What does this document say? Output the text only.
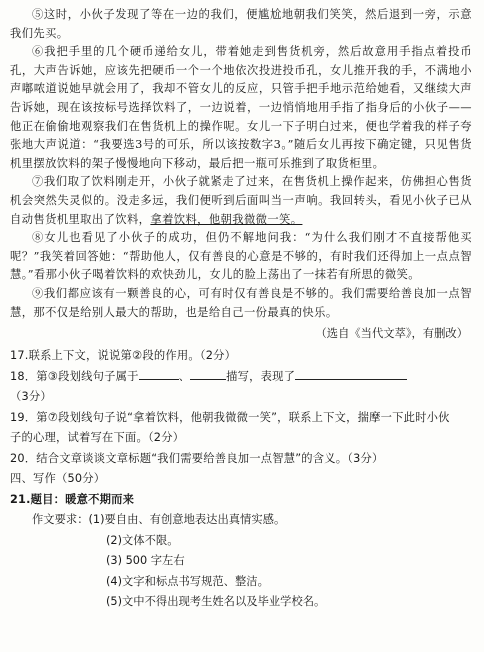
⑤这时，小伙子发现了等在一边的我们，便尴尬地朝我们笑笑，然后退到一旁，示意我们先买。

⑥我把手里的几个硬币递给女儿，带着她走到售货机旁，然后故意用手指点着投币孔，大声告诉她，应该先把硬币一个一个地依次投进投币孔，女儿推开我的手，不满地小声嘟哝道说她早就会用了，我却不管女儿的反应，只管手把手地示范给她看，又继续大声告诉她，现在该按标号选择饮料了，一边说着，一边悄悄地用手指了指身后的小伙子——他正在偷偷地观察我们在售货机上的操作呢。女儿一下子明白过来，便也学着我的样子夸张地大声说道：“我要选3号的可乐，所以该按数字3。”随后女儿再按下确定键，只见售货机里摆放饮料的架子慢慢地向下移动，最后把一瓶可乐推到了取货柜里。

⑦我们取了饮料刚走开，小伙子就紧走了过来，在售货机上操作起来，仿佛担心售货机会突然失灵似的。没走多远，我们便听到后面叫当一声响。我回转头，看见小伙子已从自动售货机里取出了饮料，拿着饮料，他朝我微微一笑。

⑧女儿也看见了小伙子的成功，但仍不解地问我：“为什么我们刚才不直接帮他买呢？”我笑着回答她：“帮助他人，仅有善良的心意是不够的，有时我们还得加上一点点智慧。”看那小伙子喝着饮料的欢快劲儿，女儿的脸上荡出了一抹若有所思的微笑。

⑨我们都应该有一颗善良的心，可有时仅有善良是不够的。我们需要给善良加一点智慧，那不仅是给别人最大的帮助，也是给自己一份最真的快乐。

（选自《当代文萃》，有删改）

17.联系上下文，说说第②段的作用。（2分）

18．第③段划线句子属于	、	描写，表现了（3分）

19．第⑦段划线句子说“拿着饮料，他朝我微微一笑”，联系上下文，揣摩一下此时小伙

子的心理，试着写在下面。（2分）

20．结合文章谈谈文章标题“我们需要给善良加一点智慧”的含义。（3分）

四、写作（50分）

21.题目：暖意不期而来

作文要求：(1)要自由、有创意地表达出真情实感。

(2)文体不限。

(3) 500 字左右

(4)文字和标点书写规范、整洁。

(5)文中不得出现考生姓名以及毕业学校名。
